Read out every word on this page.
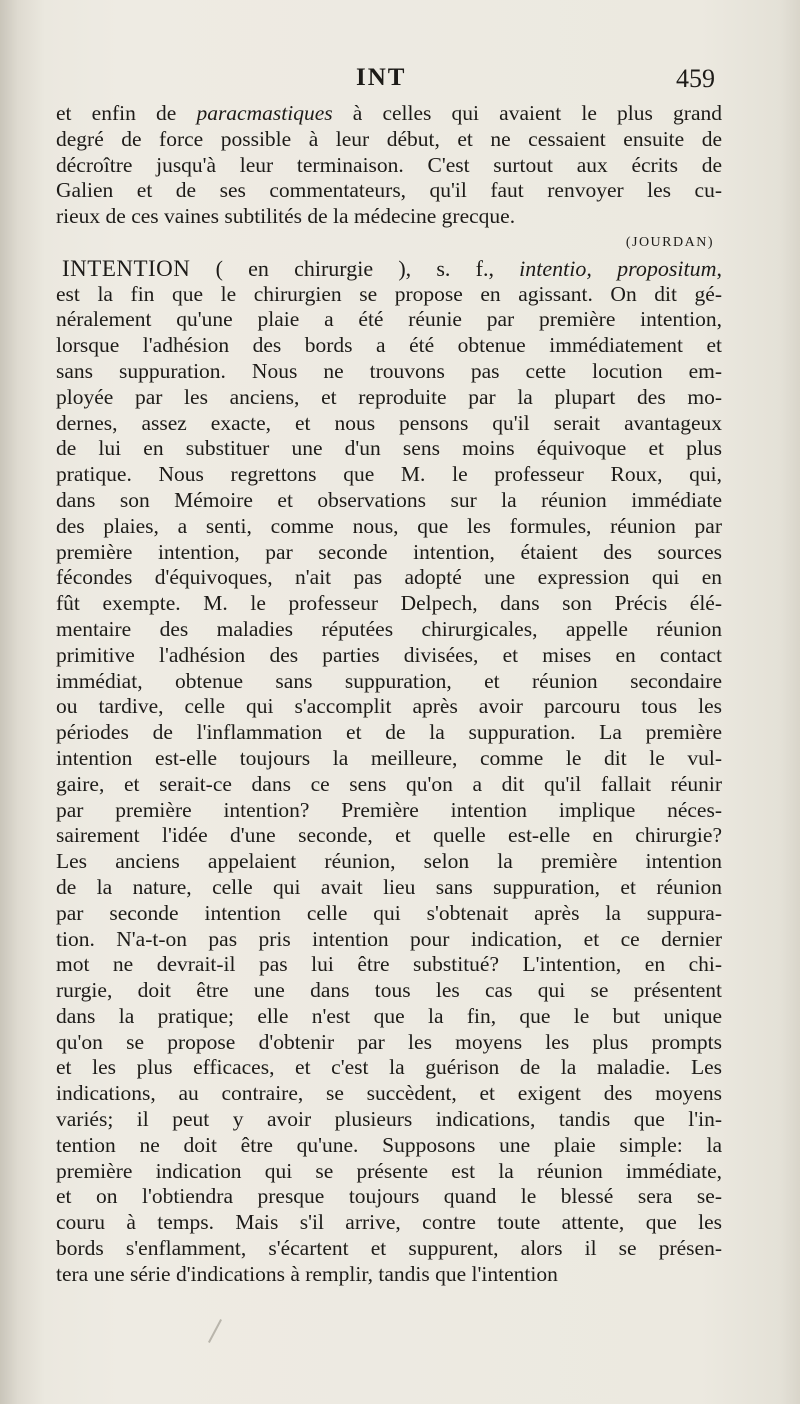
INT	459
et enfin de paracmastiques à celles qui avaient le plus grand
degré de force possible à leur début, et ne cessaient ensuite de
décroître jusqu'à leur terminaison. C'est surtout aux écrits de
Galien et de ses commentateurs, qu'il faut renvoyer les cu-
rieux de ces vaines subtilités de la médecine grecque.
(JOURDAN)
INTENTION ( en chirurgie ), s. f., intentio, propositum,
est la fin que le chirurgien se propose en agissant. On dit gé-
néralement qu'une plaie a été réunie par première intention,
lorsque l'adhésion des bords a été obtenue immédiatement et
sans suppuration. Nous ne trouvons pas cette locution em-
ployée par les anciens, et reproduite par la plupart des mo-
dernes, assez exacte, et nous pensons qu'il serait avantageux
de lui en substituer une d'un sens moins équivoque et plus
pratique. Nous regrettons que M. le professeur Roux, qui,
dans son Mémoire et observations sur la réunion immédiate
des plaies, a senti, comme nous, que les formules, réunion par
première intention, par seconde intention, étaient des sources
fécondes d'équivoques, n'ait pas adopté une expression qui en
fût exempte. M. le professeur Delpech, dans son Précis élé-
mentaire des maladies réputées chirurgicales, appelle réunion
primitive l'adhésion des parties divisées, et mises en contact
immédiat, obtenue sans suppuration, et réunion secondaire
ou tardive, celle qui s'accomplit après avoir parcouru tous les
périodes de l'inflammation et de la suppuration. La première
intention est-elle toujours la meilleure, comme le dit le vul-
gaire, et serait-ce dans ce sens qu'on a dit qu'il fallait réunir
par première intention? Première intention implique néces-
sairement l'idée d'une seconde, et quelle est-elle en chirurgie?
Les anciens appelaient réunion, selon la première intention
de la nature, celle qui avait lieu sans suppuration, et réunion
par seconde intention celle qui s'obtenait après la suppura-
tion. N'a-t-on pas pris intention pour indication, et ce dernier
mot ne devrait-il pas lui être substitué? L'intention, en chi-
rurgie, doit être une dans tous les cas qui se présentent
dans la pratique; elle n'est que la fin, que le but unique
qu'on se propose d'obtenir par les moyens les plus prompts
et les plus efficaces, et c'est la guérison de la maladie. Les
indications, au contraire, se succèdent, et exigent des moyens
variés; il peut y avoir plusieurs indications, tandis que l'in-
tention ne doit être qu'une. Supposons une plaie simple: la
première indication qui se présente est la réunion immédiate,
et on l'obtiendra presque toujours quand le blessé sera se-
couru à temps. Mais s'il arrive, contre toute attente, que les
bords s'enflamment, s'écartent et suppurent, alors il se présen-
tera une série d'indications à remplir, tandis que l'intention
